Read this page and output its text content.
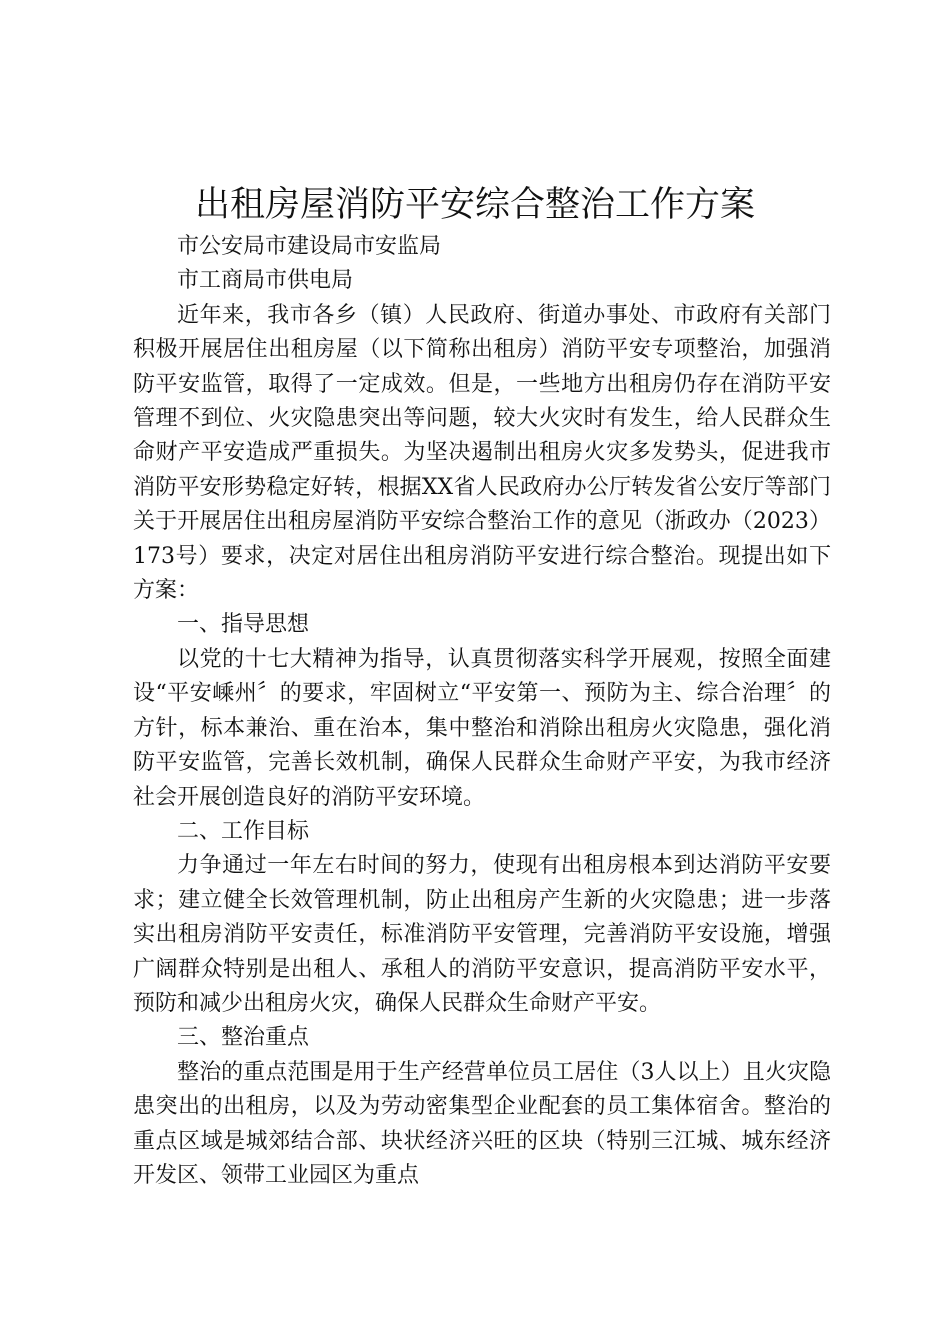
出租房屋消防平安综合整治工作方案

市公安局市建设局市安监局

市工商局市供电局

近年来，我市各乡（镇）人民政府、街道办事处、市政府有关部门积极开展居住出租房屋（以下简称出租房）消防平安专项整治，加强消防平安监管，取得了一定成效。但是，一些地方出租房仍存在消防平安管理不到位、火灾隐患突出等问题，较大火灾时有发生，给人民群众生命财产平安造成严重损失。为坚决遏制出租房火灾多发势头，促进我市消防平安形势稳定好转，根据XX省人民政府办公厅转发省公安厅等部门关于开展居住出租房屋消防平安综合整治工作的意见（浙政办（2023）173号）要求，决定对居住出租房消防平安进行综合整治。现提出如下方案：

一、指导思想

以党的十七大精神为指导，认真贯彻落实科学开展观，按照全面建设“平安嵊州〞的要求，牢固树立“平安第一、预防为主、综合治理〞的方针，标本兼治、重在治本，集中整治和消除出租房火灾隐患，强化消防平安监管，完善长效机制，确保人民群众生命财产平安，为我市经济社会开展创造良好的消防平安环境。

二、工作目标

力争通过一年左右时间的努力，使现有出租房根本到达消防平安要求；建立健全长效管理机制，防止出租房产生新的火灾隐患；进一步落实出租房消防平安责任，标准消防平安管理，完善消防平安设施，增强广阔群众特别是出租人、承租人的消防平安意识，提高消防平安水平，预防和减少出租房火灾，确保人民群众生命财产平安。

三、整治重点

整治的重点范围是用于生产经营单位员工居住（3人以上）且火灾隐患突出的出租房，以及为劳动密集型企业配套的员工集体宿舍。整治的重点区域是城郊结合部、块状经济兴旺的区块（特别三江城、城东经济开发区、领带工业园区为重点
